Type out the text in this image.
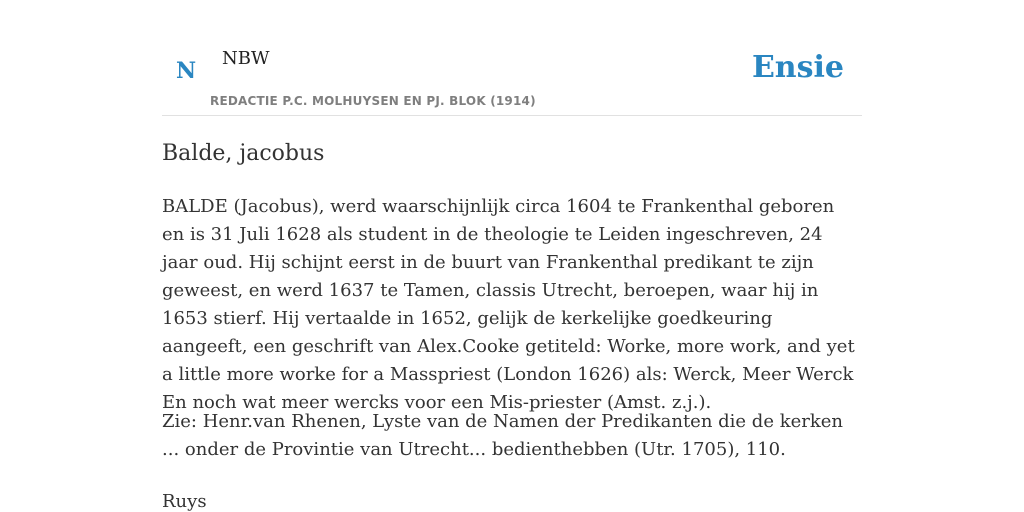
N NBW
REDACTIE P.C. MOLHUYSEN EN PJ. BLOK (1914)
Ensie
Balde, jacobus

BALDE (Jacobus), werd waarschijnlijk circa 1604 te Frankenthal geboren en is 31 Juli 1628 als student in de theologie te Leiden ingeschreven, 24 jaar oud. Hij schijnt eerst in de buurt van Frankenthal predikant te zijn geweest, en werd 1637 te Tamen, classis Utrecht, beroepen, waar hij in 1653 stierf. Hij vertaalde in 1652, gelijk de kerkelijke goedkeuring aangeeft, een geschrift van Alex.Cooke getiteld: Worke, more work, and yet a little more worke for a Masspriest (London 1626) als: Werck, Meer Werck En noch wat meer wercks voor een Mis-priester (Amst. z.j.).

Zie: Henr.van Rhenen, Lyste van de Namen der Predikanten die de kerken ... onder de Provintie van Utrecht... bedienthebben (Utr. 1705), 110.

Ruys
